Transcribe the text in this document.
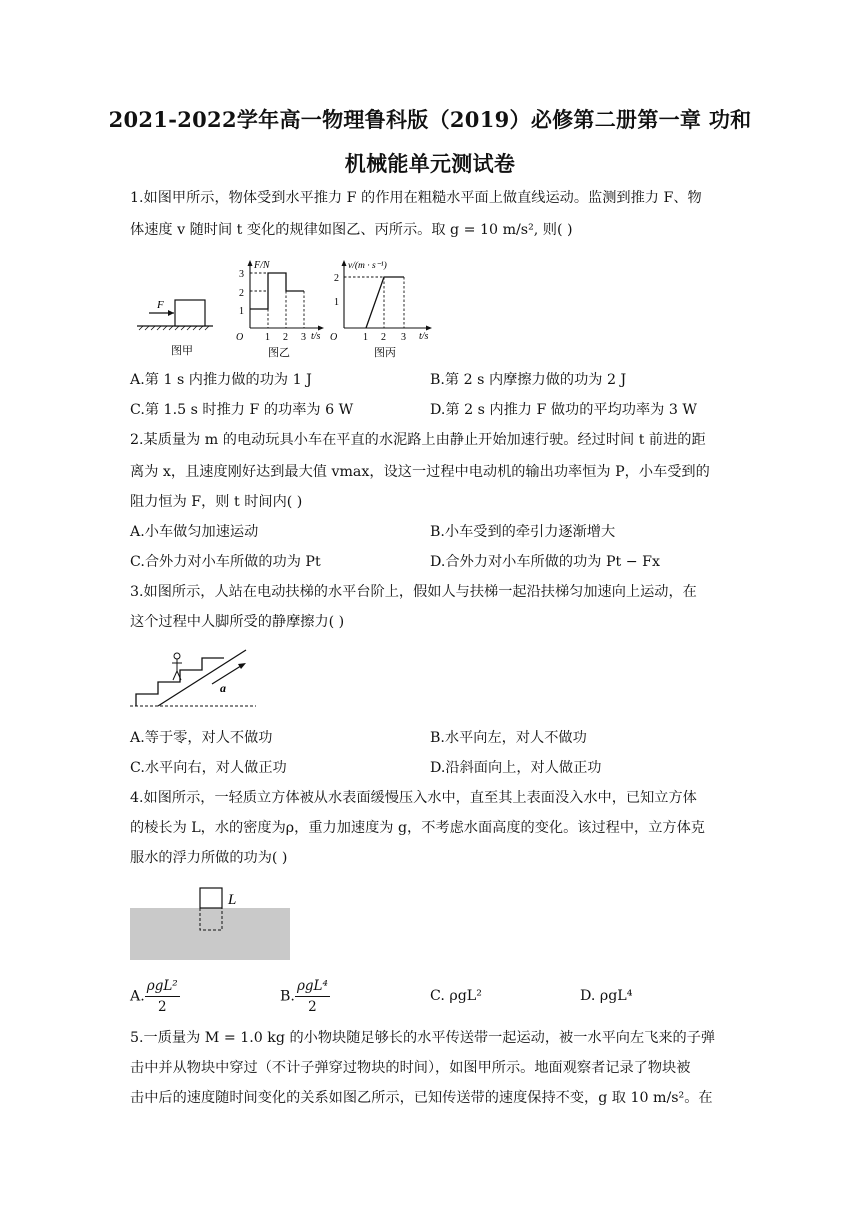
2021-2022学年高一物理鲁科版（2019）必修第二册第一章 功和
机械能单元测试卷
1.如图甲所示，物体受到水平推力 F 的作用在粗糙水平面上做直线运动。监测到推力 F、物
体速度 v 随时间 t 变化的规律如图乙、丙所示。取 g = 10 m/s², 则( )
F
图甲
F/N
t/s
O
1
2
3
1 2 3
图乙
v/(m · s⁻¹)
t/s
O
1
2
1 2 3
图丙
A.第 1 s 内推力做的功为 1 J	B.第 2 s 内摩擦力做的功为 2 J
C.第 1.5 s 时推力 F 的功率为 6 W	D.第 2 s 内推力 F 做功的平均功率为 3 W
2.某质量为 m 的电动玩具小车在平直的水泥路上由静止开始加速行驶。经过时间 t 前进的距
离为 x，且速度刚好达到最大值 vmax，设这一过程中电动机的输出功率恒为 P，小车受到的
阻力恒为 F，则 t 时间内( )
A.小车做匀加速运动	B.小车受到的牵引力逐渐增大
C.合外力对小车所做的功为 Pt	D.合外力对小车所做的功为 Pt − Fx
3.如图所示，人站在电动扶梯的水平台阶上，假如人与扶梯一起沿扶梯匀加速向上运动，在
这个过程中人脚所受的静摩擦力( )
a
A.等于零，对人不做功	B.水平向左，对人不做功
C.水平向右，对人做正功	D.沿斜面向上，对人做正功
4.如图所示，一轻质立方体被从水表面缓慢压入水中，直至其上表面没入水中，已知立方体
的棱长为 L，水的密度为ρ，重力加速度为 g，不考虑水面高度的变化。该过程中，立方体克
服水的浮力所做的功为( )
L
A. $\frac{\text{ρgL²}}{2}$	B. $\frac{\text{ρgL⁴}}{2}$	C. ρgL²	D. ρgL⁴
5.一质量为 M = 1.0 kg 的小物块随足够长的水平传送带一起运动，被一水平向左飞来的子弹
击中并从物块中穿过（不计子弹穿过物块的时间），如图甲所示。地面观察者记录了物块被
击中后的速度随时间变化的关系如图乙所示，已知传送带的速度保持不变，g 取 10 m/s²。在
